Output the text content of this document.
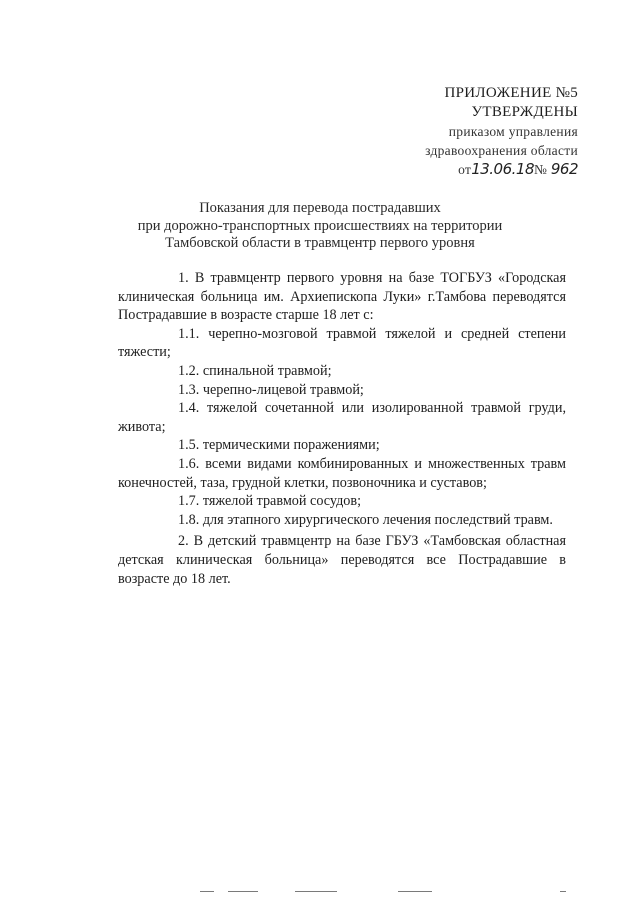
ПРИЛОЖЕНИЕ №5
УТВЕРЖДЕНЫ
приказом управления
здравоохранения области
от13.06.18№ 962
Показания для перевода пострадавших
при дорожно-транспортных происшествиях на территории
Тамбовской области в травмцентр первого уровня

1. В травмцентр первого уровня на базе ТОГБУЗ «Городская клиническая больница им. Архиепископа Луки» г.Тамбова переводятся Пострадавшие в возрасте старше 18 лет с:

1.1. черепно-мозговой травмой тяжелой и средней степени тяжести;

1.2. спинальной травмой;

1.3. черепно-лицевой травмой;

1.4. тяжелой сочетанной или изолированной травмой груди, живота;

1.5. термическими поражениями;

1.6. всеми видами комбинированных и множественных травм конечностей, таза, грудной клетки, позвоночника и суставов;

1.7. тяжелой травмой сосудов;

1.8. для этапного хирургического лечения последствий травм.

2. В детский травмцентр на базе ГБУЗ «Тамбовская областная детская клиническая больница» переводятся все Пострадавшие в возрасте до 18 лет.
